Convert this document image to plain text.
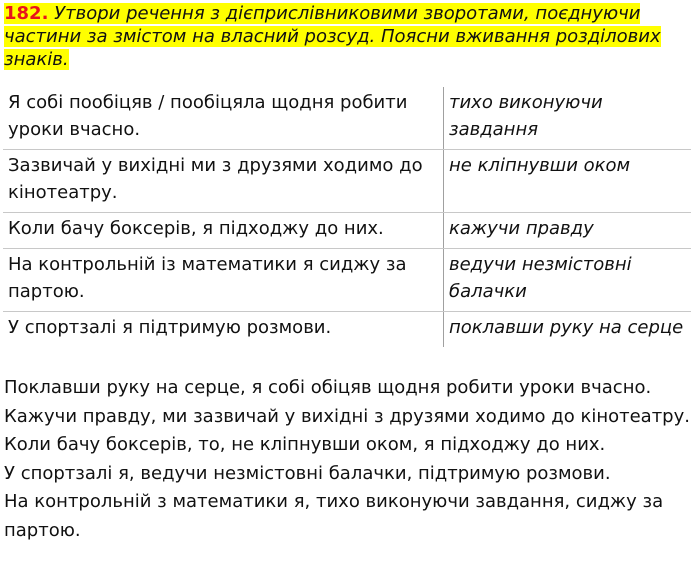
182. Утвори речення з дієприслівниковими зворотами, поєднуючи частини за змістом на власний розсуд. Поясни вживання розділових знаків.
Я собі пообіцяв / пообіцяла щодня робити уроки вчасно.	тихо виконуючи завдання
Зазвичай у вихідні ми з друзями ходимо до кінотеатру.	не кліпнувши оком
Коли бачу боксерів, я підходжу до них.	кажучи правду
На контрольній із математики я сиджу за партою.	ведучи незмістовні балачки
У спортзалі я підтримую розмови.	поклавши руку на серце

Поклавши руку на серце, я собі обіцяв щодня робити уроки вчасно.

Кажучи правду, ми зазвичай у вихідні з друзями ходимо до кінотеатру.

Коли бачу боксерів, то, не кліпнувши оком, я підходжу до них.

У спортзалі я, ведучи незмістовні балачки, підтримую розмови.

На контрольній з математики я, тихо виконуючи завдання, сиджу за партою.
